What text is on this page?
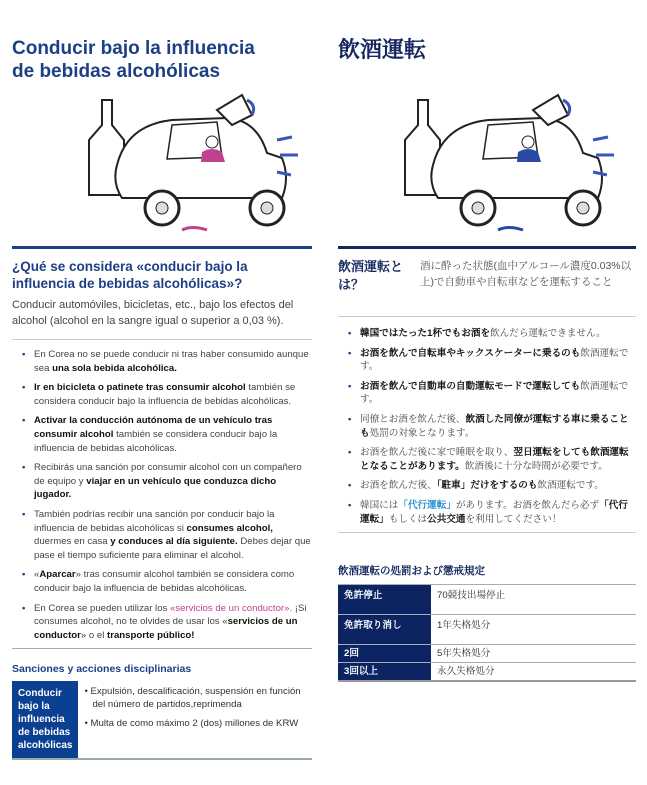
Conducir bajo la influencia de bebidas alcohólicas
¿Qué se considera «conducir bajo la influencia de bebidas alcohólicas»?

Conducir automóviles, bicicletas, etc., bajo los efectos del alcohol (alcohol en la sangre igual o superior a 0,03 %).

• En Corea no se puede conducir ni tras haber consumido aunque sea una sola bebida alcohólica.
• Ir en bicicleta o patinete tras consumir alcohol también se considera conducir bajo la influencia de bebidas alcohólicas.
• Activar la conducción autónoma de un vehículo tras consumir alcohol también se considera conducir bajo la influencia de bebidas alcohólicas.
• Recibirás una sanción por consumir alcohol con un compañero de equipo y viajar en un vehículo que conduzca dicho jugador.
• También podrías recibir una sanción por conducir bajo la influencia de bebidas alcohólicas si consumes alcohol, duermes en casa y conduces al día siguiente. Debes dejar que pase el tiempo suficiente para eliminar el alcohol.
• «Aparcar» tras consumir alcohol también se considera como conducir bajo la influencia de bebidas alcohólicas.
• En Corea se pueden utilizar los «servicios de un conductor». ¡Si consumes alcohol, no te olvides de usar los «servicios de un conductor» o el transporte público!
Sanciones y acciones disciplinarias
Conducir bajo la influencia de bebidas alcohólicas	
• Expulsión, descalificación, suspensión en función del número de partidos,reprimenda
• Multa de como máximo 2 (dos) millones de KRW
飲酒運転
飲酒運転とは？

酒に酔った状態(血中アルコール濃度0.03%以上)で自動車や自転車などを運転すること

• 韓国ではたった1杯でもお酒を飲んだら運転できません。
• お酒を飲んで自転車やキックスケーターに乗るのも飲酒運転です。
• お酒を飲んで自動車の自動運転モードで運転しても飲酒運転です。
• 同僚とお酒を飲んだ後、飲酒した同僚が運転する車に乗ることも処罰の対象となります。
• お酒を飲んだ後に家で睡眠を取り、翌日運転をしても飲酒運転となることがあります。飲酒後に十分な時間が必要です。
• お酒を飲んだ後、「駐車」だけをするのも飲酒運転です。
• 韓国には「代行運転」があります。お酒を飲んだら必ず「代行運転」もしくは公共交通を利用してください！
飲酒運転の処罰および懲戒規定
免許停止	70競技出場停止
免許取り消し	1年失格処分
2回	5年失格処分
3回以上	永久失格処分
